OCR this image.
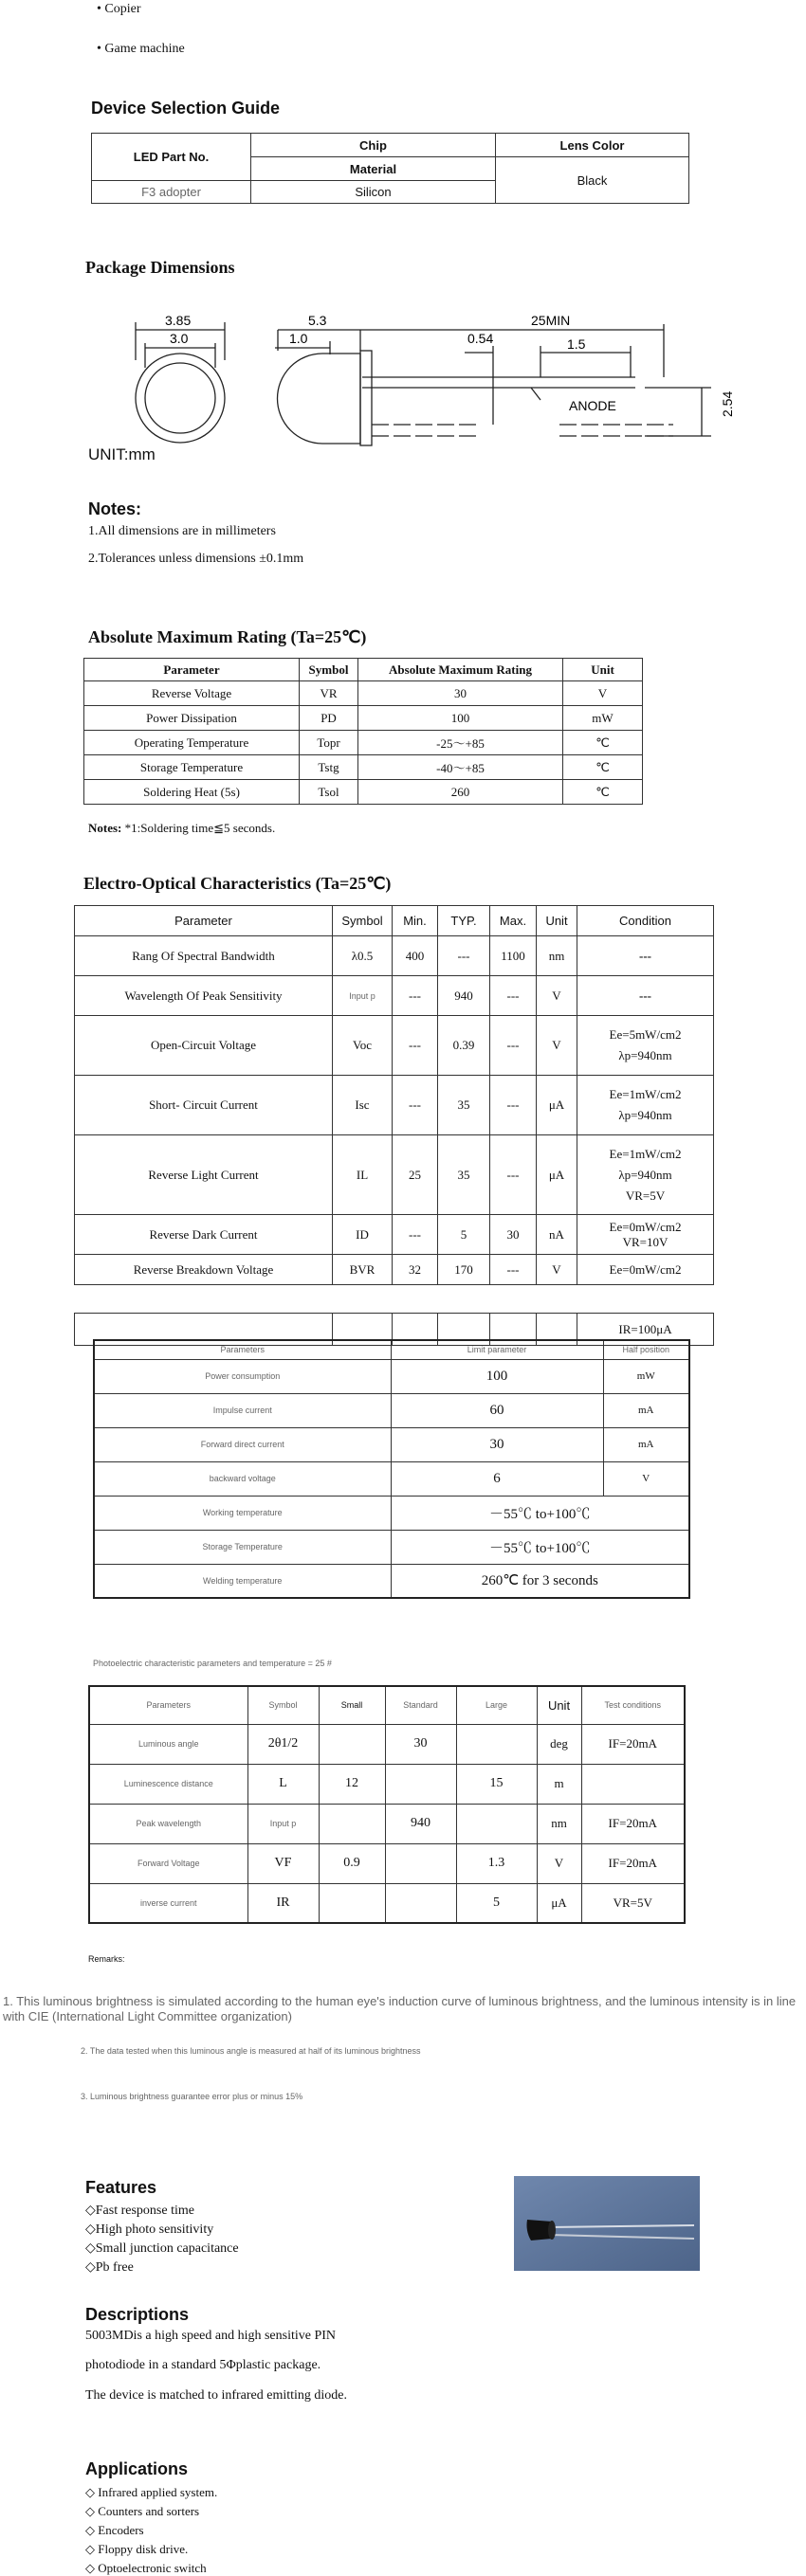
• Copier
• Game machine
Device Selection Guide
LED Part No.	Chip	Lens Color
	Material	Black
F3 adopter	Silicon	
Package Dimensions
3.85
3.0
5.3
1.0
25MIN
0.54	1.5
ANODE	2.54
UNIT:mm
Notes:
1.All dimensions are in millimeters
2.Tolerances unless dimensions ±0.1mm
Absolute Maximum Rating (Ta=25℃)
Parameter	Symbol	Absolute Maximum Rating	Unit
Reverse Voltage	VR	30	V
Power Dissipation	PD	100	mW
Operating Temperature	Topr	-25～+85	℃
Storage Temperature	Tstg	-40～+85	℃
Soldering Heat (5s)	Tsol	260	℃
Notes: *1:Soldering time≦5 seconds.
Electro-Optical Characteristics (Ta=25℃)
Parameter	Symbol	Min.	TYP.	Max.	Unit	Condition
Rang Of Spectral Bandwidth	λ0.5	400	---	1100	nm	---
Wavelength Of Peak Sensitivity	Input p	---	940	---	V	---
Open-Circuit Voltage	Voc	---	0.39	---	V	Ee=5mW/cm2
λp=940nm

Short- Circuit Current	Isc	---	35	---	μA	Ee=1mW/cm2
λp=940nm

Reverse Light Current	IL	25	35	---	μA	Ee=1mW/cm2
λp=940nm
VR=5V

Reverse Dark Current	ID	---	5	30	nA	Ee=0mW/cm2
VR=10V

Reverse Breakdown Voltage	BVR	32	170	---	V	Ee=0mW/cm2
						IR=100μA
Parameters	Limit parameter	Half position
Power consumption	100	mW
Impulse current	60	mA
Forward direct current	30	mA
backward voltage	6	V
Working temperature	－55℃ to+100℃	
Storage Temperature	－55℃ to+100℃	
Welding temperature	260℃ for 3 seconds	
Photoelectric characteristic parameters and temperature = 25 #
Parameters	Symbol	Small	Standard	Large	Unit	Test conditions
Luminous angle	2θ1/2		30		deg	IF=20mA
Luminescence distance	L	12		15	m	
Peak wavelength	Input p		940		nm	IF=20mA
Forward Voltage	VF	0.9		1.3	V	IF=20mA
inverse current	IR			5	μA	VR=5V
Remarks:
1. This luminous brightness is simulated according to the human eye's induction curve of luminous brightness, and the luminous intensity is in line with CIE (International Light Committee organization)
2. The data tested when this luminous angle is measured at half of its luminous brightness
3. Luminous brightness guarantee error plus or minus 15%
Features
◇Fast response time
◇High photo sensitivity
◇Small junction capacitance
◇Pb free
Descriptions
5003MDis a high speed and high sensitive PIN
photodiode in a standard 5Φplastic package.
The device is matched to infrared emitting diode.
Applications
◇ Infrared applied system.
◇ Counters and sorters
◇ Encoders
◇ Floppy disk drive.
◇ Optoelectronic switch
